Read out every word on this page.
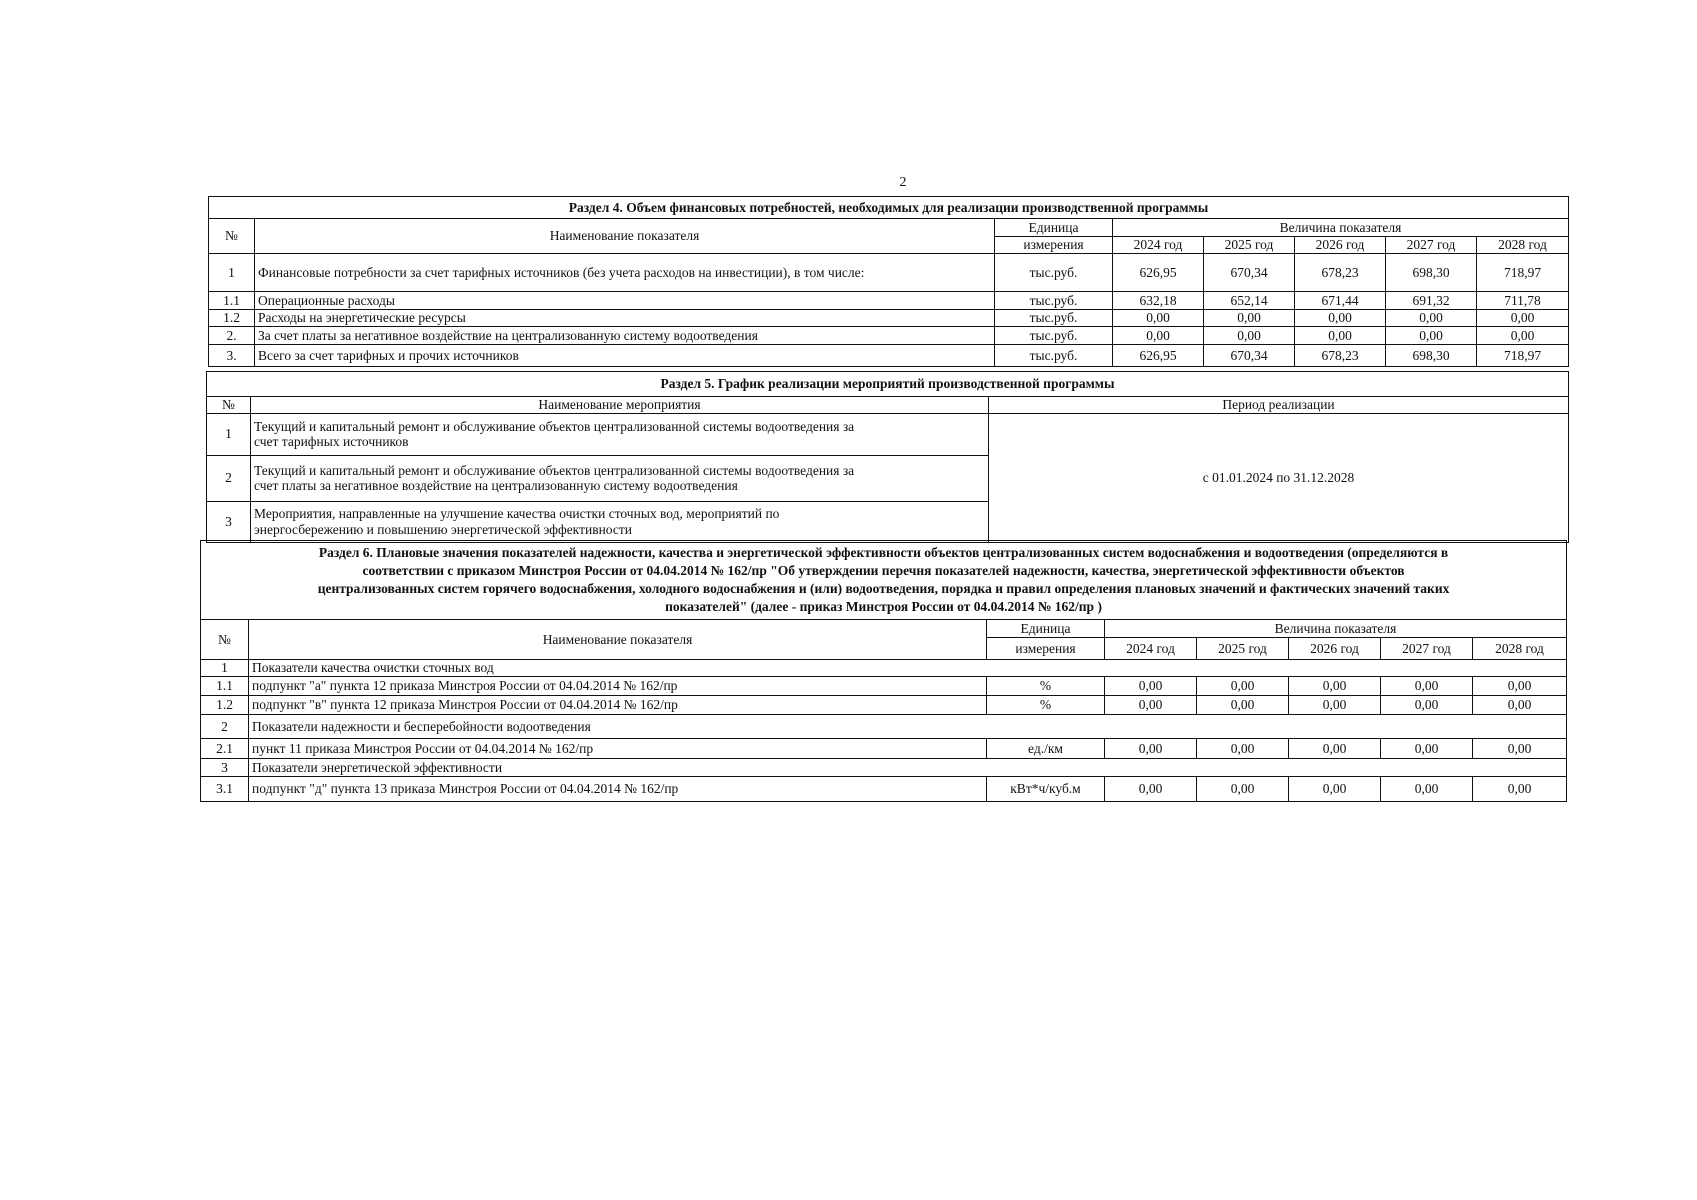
2
Раздел 4. Объем финансовых потребностей, необходимых для реализации производственной программы							
№	Наименование показателя	Единица	Величина показателя				
		измерения	2024 год	2025 год	2026 год	2027 год	2028 год
1	Финансовые потребности за счет тарифных источников (без учета расходов на инвестиции), в том числе:	тыс.руб.	626,95	670,34	678,23	698,30	718,97
1.1	Операционные расходы	тыс.руб.	632,18	652,14	671,44	691,32	711,78
1.2	Расходы на энергетические ресурсы	тыс.руб.	0,00	0,00	0,00	0,00	0,00
2.	За счет платы за негативное воздействие на централизованную систему водоотведения	тыс.руб.	0,00	0,00	0,00	0,00	0,00
3.	Всего за счет тарифных и прочих источников	тыс.руб.	626,95	670,34	678,23	698,30	718,97
Раздел 5. График реализации мероприятий производственной программы		
№	Наименование мероприятия	Период реализации
1	Текущий и капитальный ремонт и обслуживание объектов централизованной системы водоотведения за
счет тарифных источников	с 01.01.2024 по 31.12.2028
2	Текущий и капитальный ремонт и обслуживание объектов централизованной системы водоотведения за
счет платы за негативное воздействие на централизованную систему водоотведения	

3	Мероприятия, направленные на улучшение качества очистки сточных вод, мероприятий по
энергосбережению и повышению энергетической эффективности	
Раздел 6. Плановые значения показателей надежности, качества и энергетической эффективности объектов централизованных систем водоснабжения и водоотведения (определяются в
соответствии с приказом Минстроя России от 04.04.2014 № 162/пр "Об утверждении перечня показателей надежности, качества, энергетической эффективности объектов
централизованных систем горячего водоснабжения, холодного водоснабжения и (или) водоотведения, порядка и правил определения плановых значений и фактических значений таких
показателей" (далее - приказ Минстроя России от 04.04.2014 № 162/пр )							

№	Наименование показателя	Единица	Величина показателя				
		измерения	2024 год	2025 год	2026 год	2027 год	2028 год
1	Показатели качества очистки сточных вод						
1.1	подпункт "а" пункта 12 приказа Минстроя России от 04.04.2014 № 162/пр	%	0,00	0,00	0,00	0,00	0,00
1.2	подпункт "в" пункта 12 приказа Минстроя России от 04.04.2014 № 162/пр	%	0,00	0,00	0,00	0,00	0,00
2	Показатели надежности и бесперебойности водоотведения						
2.1	пункт 11 приказа Минстроя России от 04.04.2014 № 162/пр	ед./км	0,00	0,00	0,00	0,00	0,00
3	Показатели энергетической эффективности						
3.1	подпункт "д" пункта 13 приказа Минстроя России от 04.04.2014 № 162/пр	кВт*ч/куб.м	0,00	0,00	0,00	0,00	0,00
